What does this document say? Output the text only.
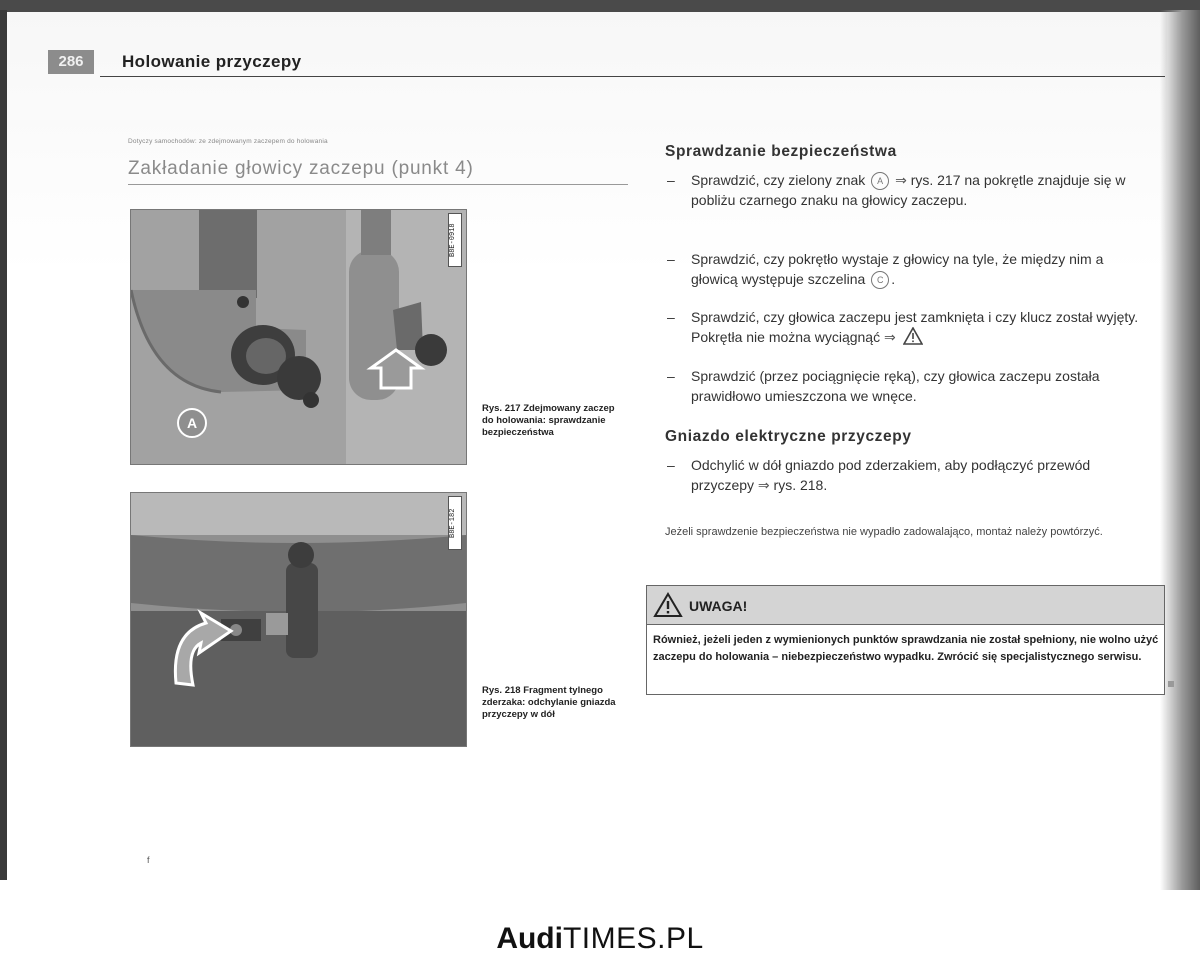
286	Holowanie przyczepy
Dotyczy samochodów: ze zdejmowanym zaczepem do holowania
Zakładanie głowicy zaczepu (punkt 4)
A
B8E-0918
Rys. 217 Zdejmowany zaczep do holowania: sprawdzanie bezpieczeństwa
B8E-182
Rys. 218 Fragment tylnego zderzaka: odchylanie gniazda przyczepy w dół
Sprawdzanie bezpieczeństwa
– Sprawdzić, czy zielony znak A ⇒ rys. 217 na pokrętle znajduje się w pobliżu czarnego znaku na głowicy zaczepu.
– Sprawdzić, czy pokrętło wystaje z głowicy na tyle, że między nim a głowicą występuje szczelina C .
– Sprawdzić, czy głowica zaczepu jest zamknięta i czy klucz został wyjęty. Pokrętła nie można wyciągnąć ⇒
– Sprawdzić (przez pociągnięcie ręką), czy głowica zaczepu została prawidłowo umieszczona we wnęce.
Gniazdo elektryczne przyczepy
– Odchylić w dół gniazdo pod zderzakiem, aby podłączyć przewód przyczepy ⇒ rys. 218.
Jeżeli sprawdzenie bezpieczeństwa nie wypadło zadowalająco, montaż należy powtórzyć.
UWAGA!
Również, jeżeli jeden z wymienionych punktów sprawdzania nie został spełniony, nie wolno użyć zaczepu do holowania – niebezpieczeństwo wypadku. Zwrócić się specjalistycznego serwisu.
f
AudiTIMES.PL
